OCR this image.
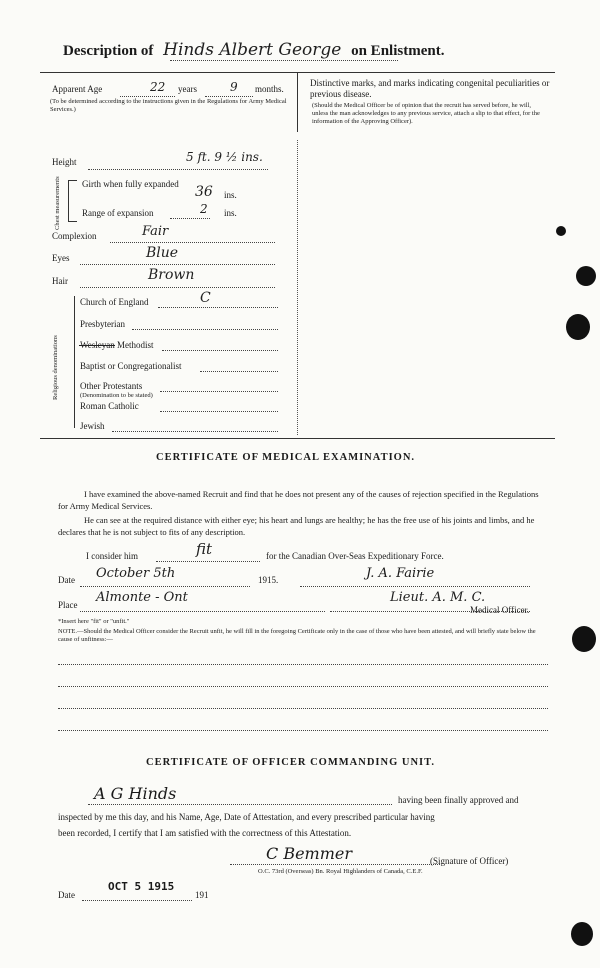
Description of Hinds Albert George on Enlistment.
Apparent Age	22 years	9 months.
(To be determined according to the instructions given in the Regulations for Army Medical Services.)
Distinctive marks, and marks indicating congenital peculiarities or previous disease.
(Should the Medical Officer be of opinion that the recruit has served before, he will, unless the man acknowledges to any previous service, attach a slip to that effect, for the information of the Approving Officer).
Height	5 ft. 9 ½ ins.
Chest measurements Girth when fully expanded 36 ins.
Range of expansion	2 ins.
Complexion	Fair
Eyes	Blue
Hair	Brown
Religious denominations
Church of England	C
Presbyterian
Wesleyan Methodist
Baptist or Congregationalist
Other Protestants
(Denomination to be stated)
Roman Catholic
Jewish
CERTIFICATE OF MEDICAL EXAMINATION.
I have examined the above-named Recruit and find that he does not present any of the causes of rejection specified in the Regulations for Army Medical Services.
He can see at the required distance with either eye; his heart and lungs are healthy; he has the free use of his joints and limbs, and he declares that he is not subject to fits of any description.
I consider him	fit	for the Canadian Over-Seas Expeditionary Force.
Date October 5th	1915.	J. A. Fairie
Place Almonte - Ont	Lieut. A. M. C.
Medical Officer.
*Insert here "fit" or "unfit."
NOTE.—Should the Medical Officer consider the Recruit unfit, he will fill in the foregoing Certificate only in the case of those who have been attested, and will briefly state below the cause of unfitness:—
CERTIFICATE OF OFFICER COMMANDING UNIT.
A G Hinds	having been finally approved and
inspected by me this day, and his Name, Age, Date of Attestation, and every prescribed particular having
been recorded, I certify that I am satisfied with the correctness of this Attestation.
C Bemmer	(Signature of Officer)
O.C. 73rd (Overseas) Bn. Royal Highlanders of Canada, C.E.F.
Date
OCT 5 1915
191
